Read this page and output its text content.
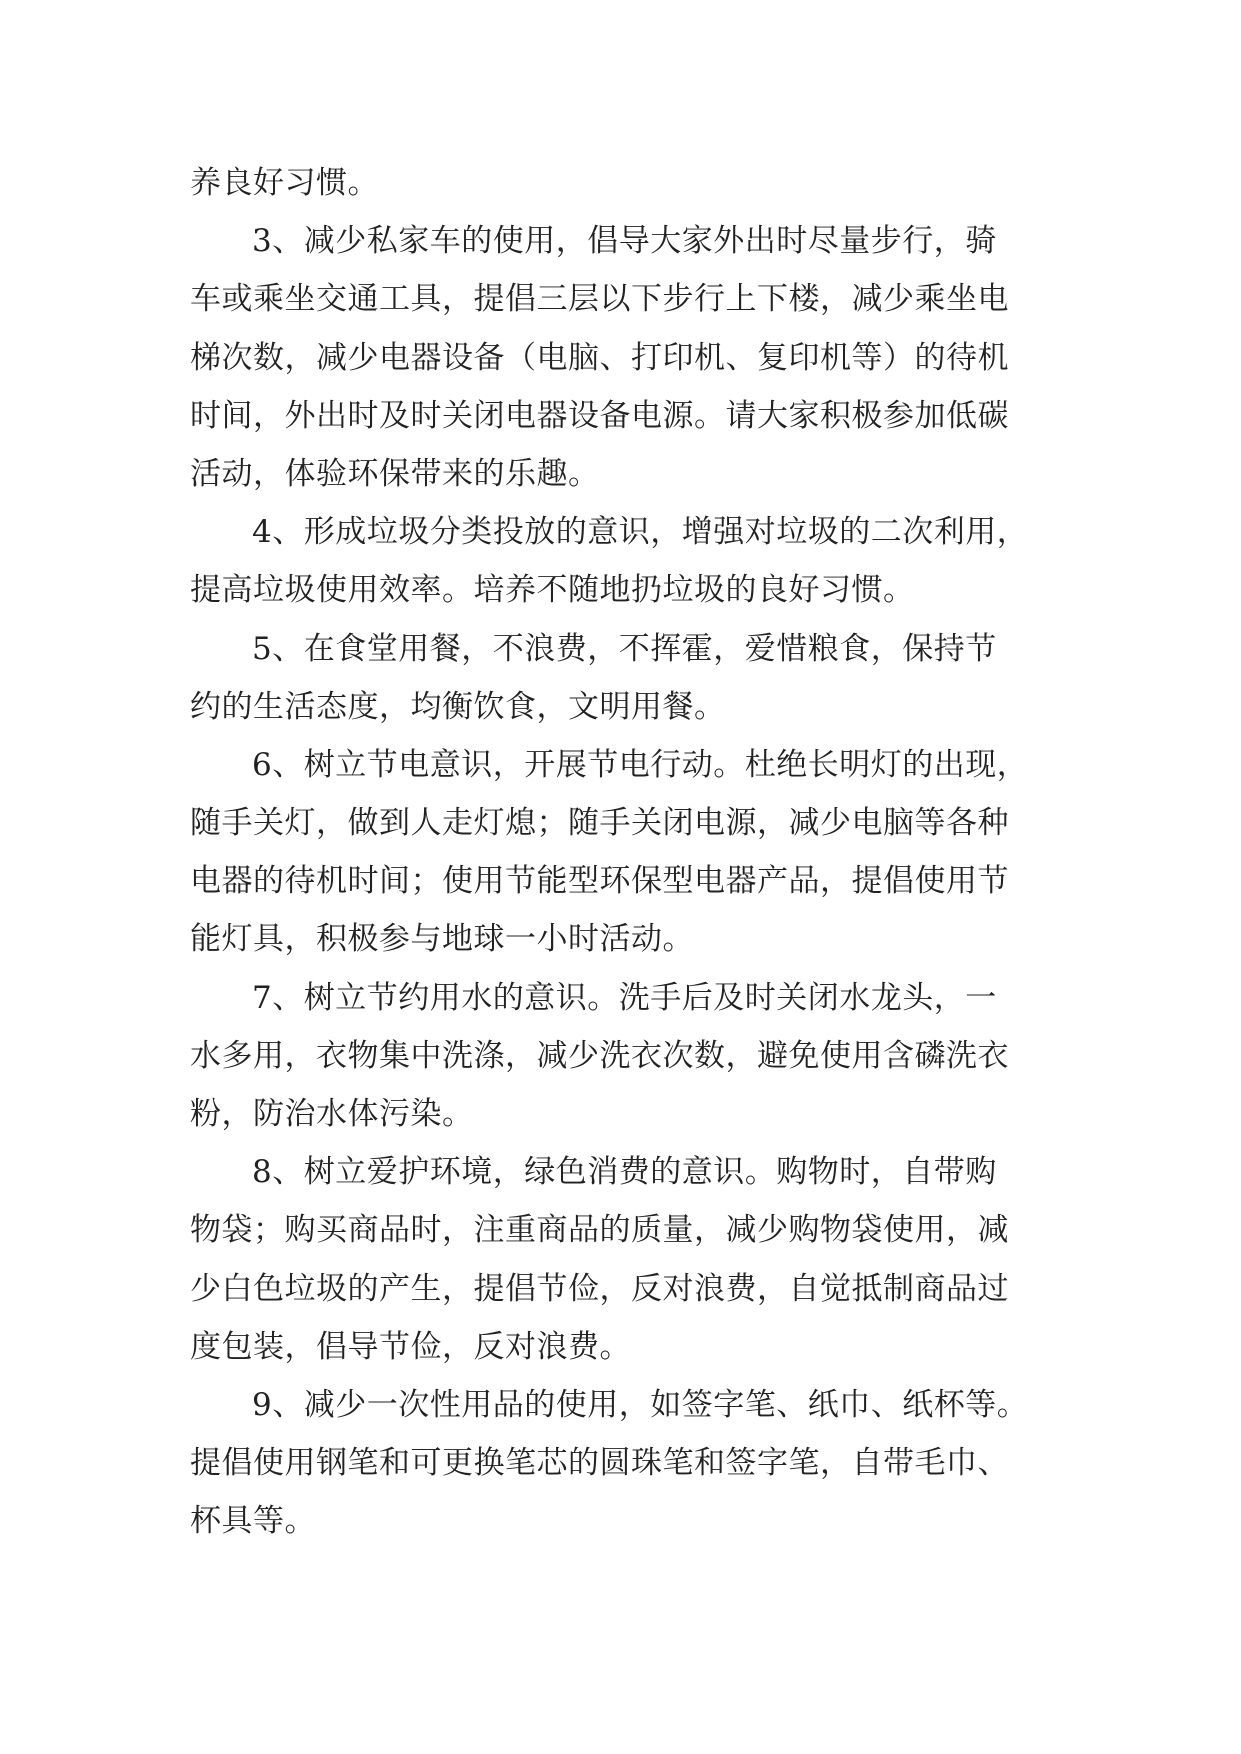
养良好习惯。
3、减少私家车的使用，倡导大家外出时尽量步行，骑
车或乘坐交通工具，提倡三层以下步行上下楼，减少乘坐电
梯次数，减少电器设备（电脑、打印机、复印机等）的待机
时间，外出时及时关闭电器设备电源。请大家积极参加低碳
活动，体验环保带来的乐趣。
4、形成垃圾分类投放的意识，增强对垃圾的二次利用，
提高垃圾使用效率。培养不随地扔垃圾的良好习惯。
5、在食堂用餐，不浪费，不挥霍，爱惜粮食，保持节
约的生活态度，均衡饮食，文明用餐。
6、树立节电意识，开展节电行动。杜绝长明灯的出现，
随手关灯，做到人走灯熄；随手关闭电源，减少电脑等各种
电器的待机时间；使用节能型环保型电器产品，提倡使用节
能灯具，积极参与地球一小时活动。
7、树立节约用水的意识。洗手后及时关闭水龙头，一
水多用，衣物集中洗涤，减少洗衣次数，避免使用含磷洗衣
粉，防治水体污染。
8、树立爱护环境，绿色消费的意识。购物时，自带购
物袋；购买商品时，注重商品的质量，减少购物袋使用，减
少白色垃圾的产生，提倡节俭，反对浪费，自觉抵制商品过
度包装，倡导节俭，反对浪费。
9、减少一次性用品的使用，如签字笔、纸巾、纸杯等。
提倡使用钢笔和可更换笔芯的圆珠笔和签字笔，自带毛巾、
杯具等。
